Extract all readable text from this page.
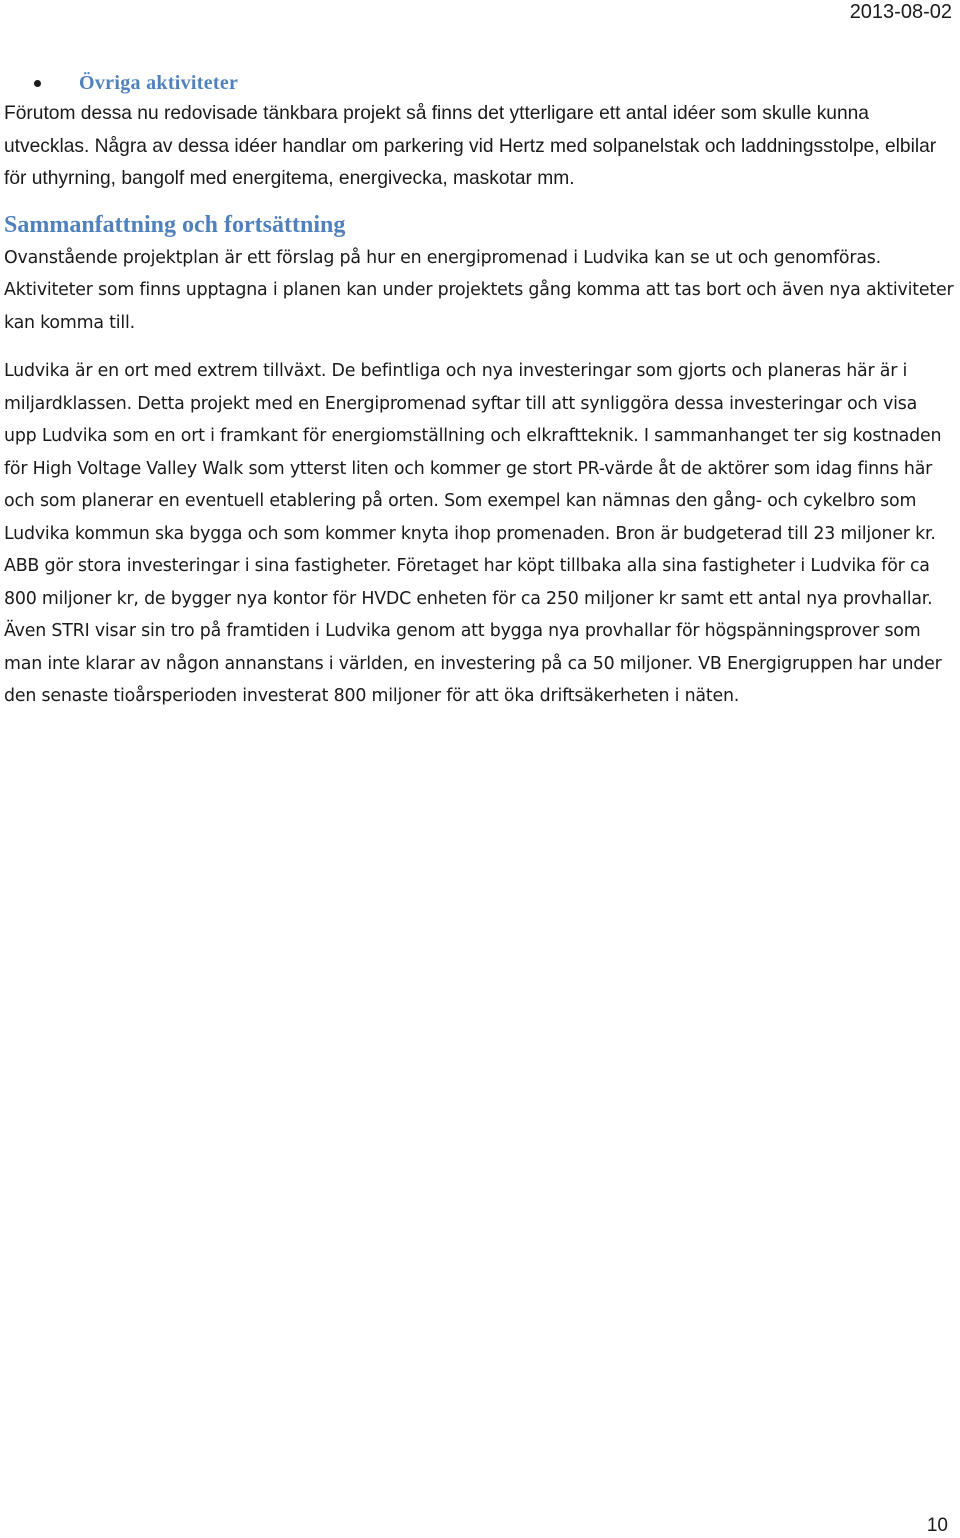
2013-08-02
Övriga aktiviteter

Förutom dessa nu redovisade tänkbara projekt så finns det ytterligare ett antal idéer som skulle kunna utvecklas. Några av dessa idéer handlar om parkering vid Hertz med solpanelstak och laddningsstolpe, elbilar för uthyrning, bangolf med energitema, energivecka, maskotar mm.

Sammanfattning och fortsättning

Ovanstående projektplan är ett förslag på hur en energipromenad i Ludvika kan se ut och genomföras. Aktiviteter som finns upptagna i planen kan under projektets gång komma att tas bort och även nya aktiviteter kan komma till.

Ludvika är en ort med extrem tillväxt. De befintliga och nya investeringar som gjorts och planeras här är i miljardklassen. Detta projekt med en Energipromenad syftar till att synliggöra dessa investeringar och visa upp Ludvika som en ort i framkant för energiomställning och elkraftteknik. I sammanhanget ter sig kostnaden för High Voltage Valley Walk som ytterst liten och kommer ge stort PR-värde åt de aktörer som idag finns här och som planerar en eventuell etablering på orten. Som exempel kan nämnas den gång- och cykelbro som Ludvika kommun ska bygga och som kommer knyta ihop promenaden. Bron är budgeterad till 23 miljoner kr. ABB gör stora investeringar i sina fastigheter. Företaget har köpt tillbaka alla sina fastigheter i Ludvika för ca 800 miljoner kr, de bygger nya kontor för HVDC enheten för ca 250 miljoner kr samt ett antal nya provhallar. Även STRI visar sin tro på framtiden i Ludvika genom att bygga nya provhallar för högspänningsprover som man inte klarar av någon annanstans i världen, en investering på ca 50 miljoner. VB Energigruppen har under den senaste tioårsperioden investerat 800 miljoner för att öka driftsäkerheten i näten.

10
